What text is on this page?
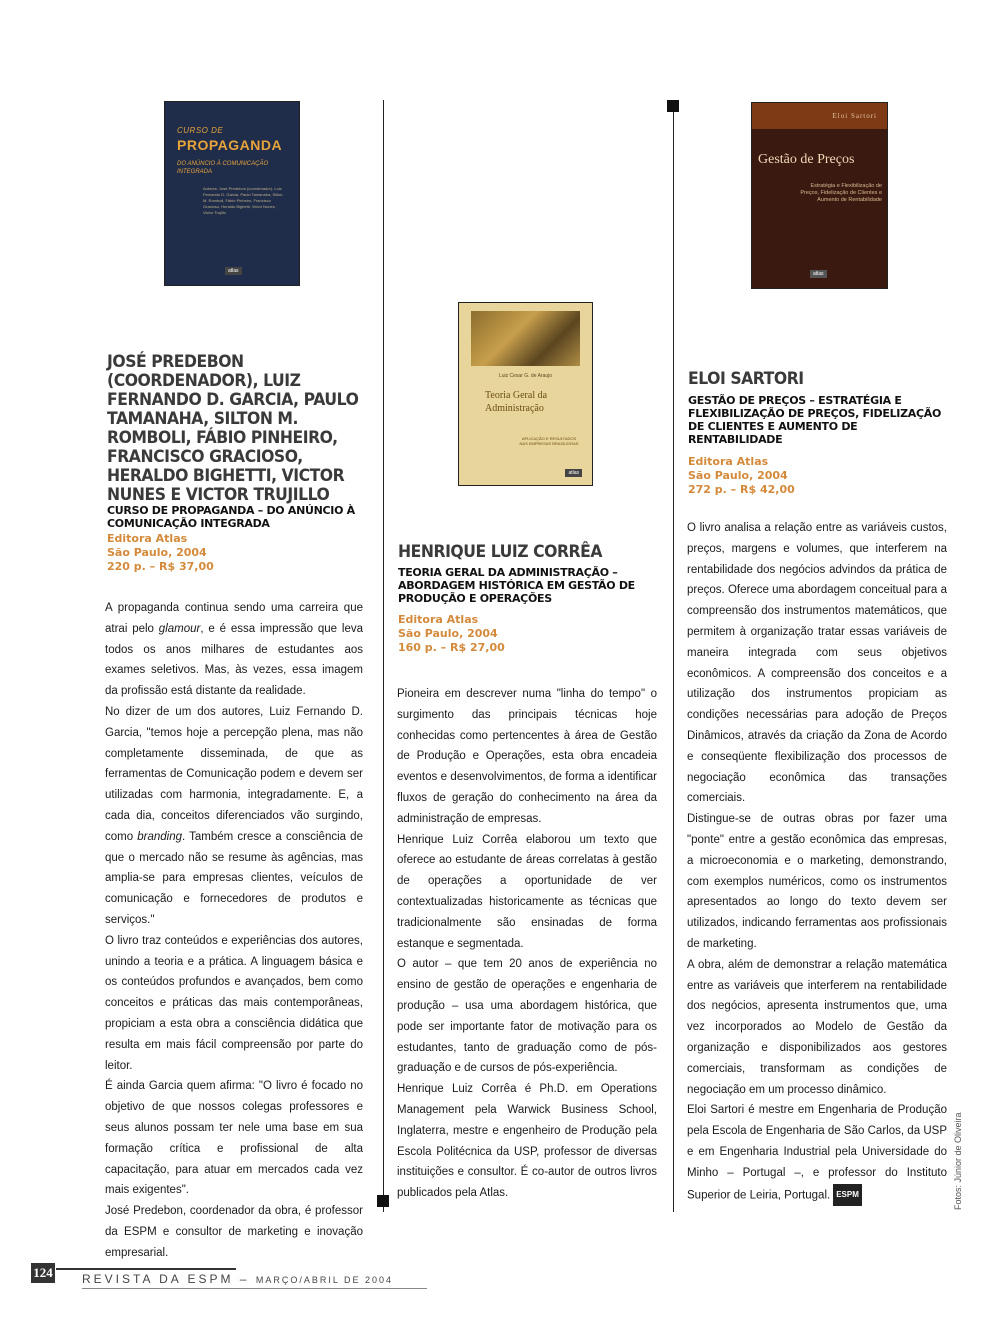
CURSO DE
PROPAGANDA
DO ANÚNCIO À COMUNICAÇÃO INTEGRADA
Autores: José Predebon (coordenador), Luiz Fernando D. Garcia, Paulo Tamanaha, Silton M. Romboli, Fábio Pinheiro, Francisco Gracioso, Heraldo Bighetti, Victor Nunes, Victor Trujillo
atlas
Luiz Cesar G. de Araujo
Teoria Geral da Administração
APLICAÇÃO E RESULTADOS NAS EMPRESAS BRASILEIRAS
atlas
Eloi Sartori
Gestão de Preços
Estratégia e Flexibilização de Preços, Fidelização de Clientes e Aumento de Rentabilidade
atlas
JOSÉ PREDEBON (COORDENADOR), LUIZ FERNANDO D. GARCIA, PAULO TAMANAHA, SILTON M. ROMBOLI, FÁBIO PINHEIRO, FRANCISCO GRACIOSO, HERALDO BIGHETTI, VICTOR NUNES E VICTOR TRUJILLO
CURSO DE PROPAGANDA – DO ANÚNCIO À COMUNICAÇÃO INTEGRADA
Editora Atlas
São Paulo, 2004
220 p. – R$ 37,00

A propaganda continua sendo uma carreira que atrai pelo glamour, e é essa impressão que leva todos os anos milhares de estudantes aos exames seletivos. Mas, às vezes, essa imagem da profissão está distante da realidade.

No dizer de um dos autores, Luiz Fernando D. Garcia, "temos hoje a percepção plena, mas não completamente disseminada, de que as ferramentas de Comunicação podem e devem ser utilizadas com harmonia, integradamente. E, a cada dia, conceitos diferenciados vão surgindo, como branding. Também cresce a consciência de que o mercado não se resume às agências, mas amplia-se para empresas clientes, veículos de comunicação e fornecedores de produtos e serviços."

O livro traz conteúdos e experiências dos autores, unindo a teoria e a prática. A linguagem básica e os conteúdos profundos e avançados, bem como conceitos e práticas das mais contemporâneas, propiciam a esta obra a consciência didática que resulta em mais fácil compreensão por parte do leitor.

É ainda Garcia quem afirma: "O livro é focado no objetivo de que nossos colegas professores e seus alunos possam ter nele uma base em sua formação crítica e profissional de alta capacitação, para atuar em mercados cada vez mais exigentes".

José Predebon, coordenador da obra, é professor da ESPM e consultor de marketing e inovação empresarial.

HENRIQUE LUIZ CORRÊA
TEORIA GERAL DA ADMINISTRAÇÃO – ABORDAGEM HISTÓRICA EM GESTÃO DE PRODUÇÃO E OPERAÇÕES
Editora Atlas
São Paulo, 2004
160 p. – R$ 27,00

Pioneira em descrever numa "linha do tempo" o surgimento das principais técnicas hoje conhecidas como pertencentes à área de Gestão de Produção e Operações, esta obra encadeia eventos e desenvolvimentos, de forma a identificar fluxos de geração do conhecimento na área da administração de empresas.

Henrique Luiz Corrêa elaborou um texto que oferece ao estudante de áreas correlatas à gestão de operações a oportunidade de ver contextualizadas historicamente as técnicas que tradicionalmente são ensinadas de forma estanque e segmentada.

O autor – que tem 20 anos de experiência no ensino de gestão de operações e engenharia de produção – usa uma abordagem histórica, que pode ser importante fator de motivação para os estudantes, tanto de graduação como de pós-graduação e de cursos de pós-experiência.

Henrique Luiz Corrêa é Ph.D. em Operations Management pela Warwick Business School, Inglaterra, mestre e engenheiro de Produção pela Escola Politécnica da USP, professor de diversas instituições e consultor. É co-autor de outros livros publicados pela Atlas.

ELOI SARTORI
GESTÃO DE PREÇOS – ESTRATÉGIA E FLEXIBILIZAÇÃO DE PREÇOS, FIDELIZAÇÃO DE CLIENTES E AUMENTO DE RENTABILIDADE
Editora Atlas
São Paulo, 2004
272 p. – R$ 42,00

O livro analisa a relação entre as variáveis custos, preços, margens e volumes, que interferem na rentabilidade dos negócios advindos da prática de preços. Oferece uma abordagem conceitual para a compreensão dos instrumentos matemáticos, que permitem à organização tratar essas variáveis de maneira integrada com seus objetivos econômicos. A compreensão dos conceitos e a utilização dos instrumentos propiciam as condições necessárias para adoção de Preços Dinâmicos, através da criação da Zona de Acordo e conseqüente flexibilização dos processos de negociação econômica das transações comerciais.

Distingue-se de outras obras por fazer uma "ponte" entre a gestão econômica das empresas, a microeconomia e o marketing, demonstrando, com exemplos numéricos, como os instrumentos apresentados ao longo do texto devem ser utilizados, indicando ferramentas aos profissionais de marketing.

A obra, além de demonstrar a relação matemática entre as variáveis que interferem na rentabilidade dos negócios, apresenta instrumentos que, uma vez incorporados ao Modelo de Gestão da organização e disponibilizados aos gestores comerciais, transformam as condições de negociação em um processo dinâmico.

Eloi Sartori é mestre em Engenharia de Produção pela Escola de Engenharia de São Carlos, da USP e em Engenharia Industrial pela Universidade do Minho – Portugal –, e professor do Instituto Superior de Leiria, Portugal. ESPM	Fotos: Júnior de Oliveira
124 REVISTA DA ESPM – MARÇO/ABRIL DE 2004
